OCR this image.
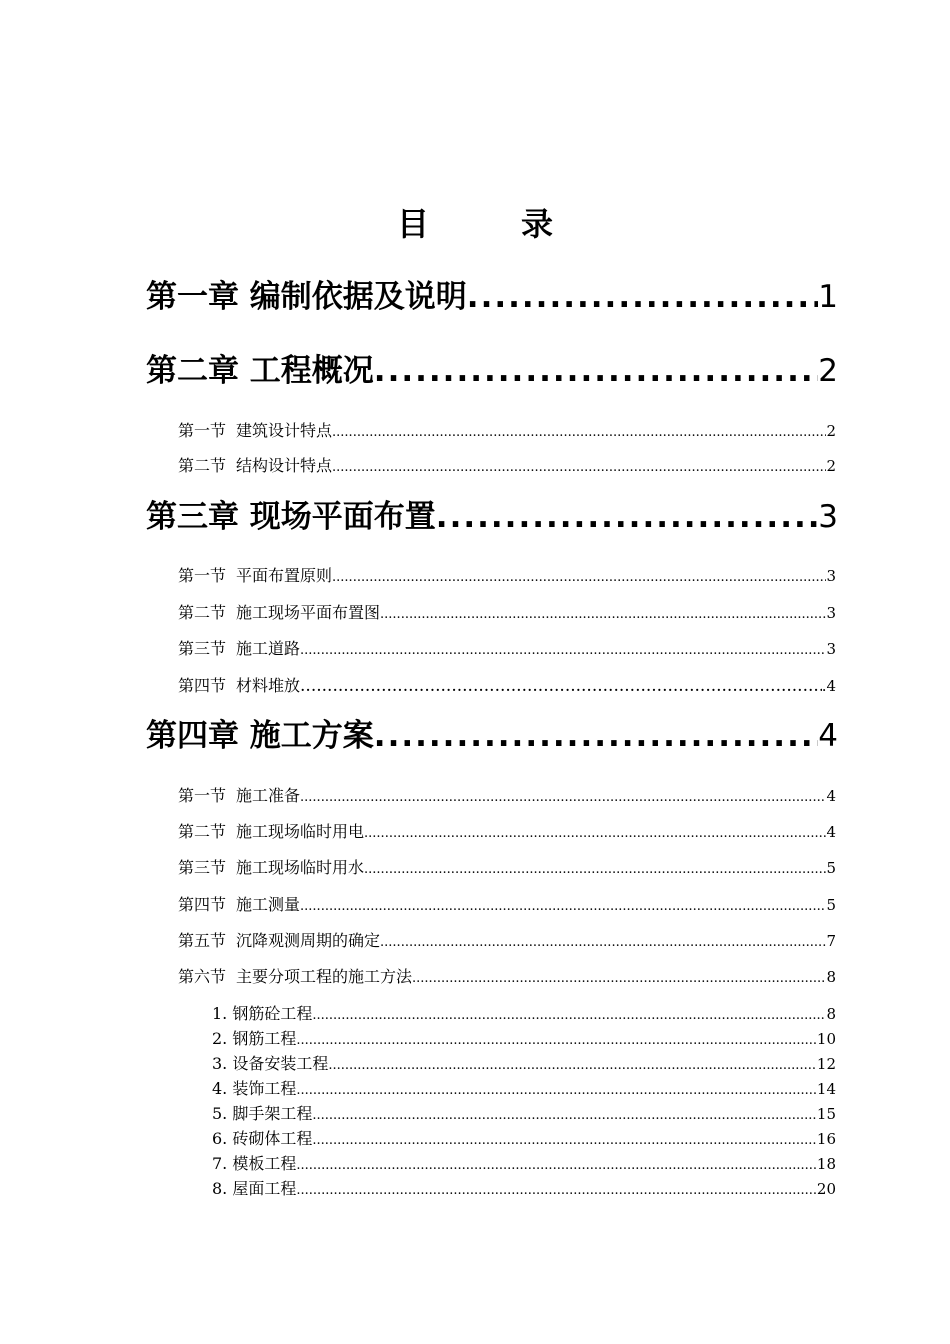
目	录
第一章 编制依据及说明 .....	1
第二章 工程概况 .....	2
第一节 建筑设计特点 .....	2
第二节 结构设计特点 .....	2
第三章 现场平面布置 .....	3
第一节 平面布置原则 .....	3
第二节 施工现场平面布置图 .....	3
第三节 施工道路 .....	3
第四节 材料堆放 .....	.4
第四章 施工方案 .....	4
第一节 施工准备 .....	4
第二节 施工现场临时用电 .....	4
第三节 施工现场临时用水 .....	5
第四节 施工测量 .....	5
第五节 沉降观测周期的确定 .....	7
第六节 主要分项工程的施工方法 .....	8
1. 钢筋砼工程 .....	8
2. 钢筋工程 .....	10
3. 设备安装工程 .....	12
4. 装饰工程 .....	14
5. 脚手架工程 .....	15
6. 砖砌体工程 .....	16
7. 模板工程 .....	18
8. 屋面工程 .....	20
